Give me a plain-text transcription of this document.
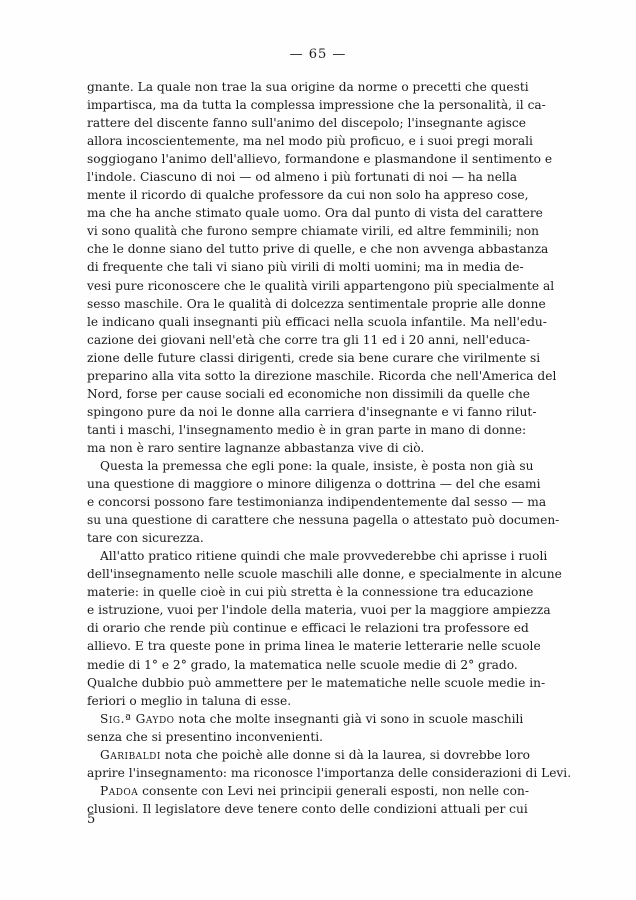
— 65 —
gnante. La quale non trae la sua origine da norme o precetti che questi
impartisca, ma da tutta la complessa impressione che la personalità, il ca-
rattere del discente fanno sull'animo del discepolo; l'insegnante agisce
allora incoscientemente, ma nel modo più proficuo, e i suoi pregi morali
soggiogano l'animo dell'allievo, formandone e plasmandone il sentimento e
l'indole. Ciascuno di noi — od almeno i più fortunati di noi — ha nella
mente il ricordo di qualche professore da cui non solo ha appreso cose,
ma che ha anche stimato quale uomo. Ora dal punto di vista del carattere
vi sono qualità che furono sempre chiamate virili, ed altre femminili; non
che le donne siano del tutto prive di quelle, e che non avvenga abbastanza
di frequente che tali vi siano più virili di molti uomini; ma in media de-
vesi pure riconoscere che le qualità virili appartengono più specialmente al
sesso maschile. Ora le qualità di dolcezza sentimentale proprie alle donne
le indicano quali insegnanti più efficaci nella scuola infantile. Ma nell'edu-
cazione dei giovani nell'età che corre tra gli 11 ed i 20 anni, nell'educa-
zione delle future classi dirigenti, crede sia bene curare che virilmente si
preparino alla vita sotto la direzione maschile. Ricorda che nell'America del
Nord, forse per cause sociali ed economiche non dissimili da quelle che
spingono pure da noi le donne alla carriera d'insegnante e vi fanno rilut-
tanti i maschi, l'insegnamento medio è in gran parte in mano di donne:
ma non è raro sentire lagnanze abbastanza vive di ciò.
Questa la premessa che egli pone: la quale, insiste, è posta non già su
una questione di maggiore o minore diligenza o dottrina — del che esami
e concorsi possono fare testimonianza indipendentemente dal sesso — ma
su una questione di carattere che nessuna pagella o attestato può documen-
tare con sicurezza.
All'atto pratico ritiene quindi che male provvederebbe chi aprisse i ruoli
dell'insegnamento nelle scuole maschili alle donne, e specialmente in alcune
materie: in quelle cioè in cui più stretta è la connessione tra educazione
e istruzione, vuoi per l'indole della materia, vuoi per la maggiore ampiezza
di orario che rende più continue e efficaci le relazioni tra professore ed
allievo. E tra queste pone in prima linea le materie letterarie nelle scuole
medie di 1° e 2° grado, la matematica nelle scuole medie di 2° grado.
Qualche dubbio può ammettere per le matematiche nelle scuole medie in-
feriori o meglio in taluna di esse.
Sig.ª Gaydo nota che molte insegnanti già vi sono in scuole maschili
senza che si presentino inconvenienti.
Garibaldi nota che poichè alle donne si dà la laurea, si dovrebbe loro
aprire l'insegnamento: ma riconosce l'importanza delle considerazioni di Levi.
Padoa consente con Levi nei principii generali esposti, non nelle con-
clusioni. Il legislatore deve tenere conto delle condizioni attuali per cui
5
